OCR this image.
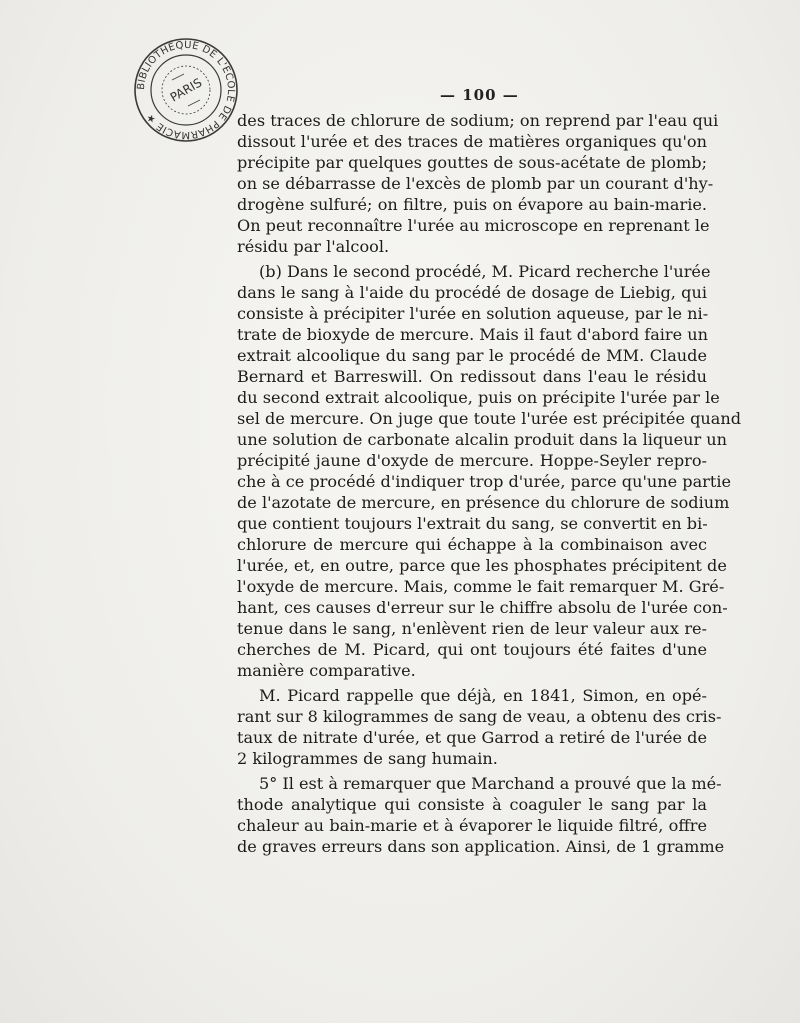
BIBLIOTHÈQUE DE L'ÉCOLE DE PHARMACIE ★
PARIS	— 100 —
des traces de chlorure de sodium; on reprend par l'eau qui
dissout l'urée et des traces de matières organiques qu'on
précipite par quelques gouttes de sous-acétate de plomb;
on se débarrasse de l'excès de plomb par un courant d'hy-
drogène sulfuré; on filtre, puis on évapore au bain-marie.
On peut reconnaître l'urée au microscope en reprenant le
résidu par l'alcool.
(b) Dans le second procédé, M. Picard recherche l'urée
dans le sang à l'aide du procédé de dosage de Liebig, qui
consiste à précipiter l'urée en solution aqueuse, par le ni-
trate de bioxyde de mercure. Mais il faut d'abord faire un
extrait alcoolique du sang par le procédé de MM. Claude
Bernard et Barreswill. On redissout dans l'eau le résidu
du second extrait alcoolique, puis on précipite l'urée par le
sel de mercure. On juge que toute l'urée est précipitée quand
une solution de carbonate alcalin produit dans la liqueur un
précipité jaune d'oxyde de mercure. Hoppe-Seyler repro-
che à ce procédé d'indiquer trop d'urée, parce qu'une partie
de l'azotate de mercure, en présence du chlorure de sodium
que contient toujours l'extrait du sang, se convertit en bi-
chlorure de mercure qui échappe à la combinaison avec
l'urée, et, en outre, parce que les phosphates précipitent de
l'oxyde de mercure. Mais, comme le fait remarquer M. Gré-
hant, ces causes d'erreur sur le chiffre absolu de l'urée con-
tenue dans le sang, n'enlèvent rien de leur valeur aux re-
cherches de M. Picard, qui ont toujours été faites d'une
manière comparative.
M. Picard rappelle que déjà, en 1841, Simon, en opé-
rant sur 8 kilogrammes de sang de veau, a obtenu des cris-
taux de nitrate d'urée, et que Garrod a retiré de l'urée de
2 kilogrammes de sang humain.
5° Il est à remarquer que Marchand a prouvé que la mé-
thode analytique qui consiste à coaguler le sang par la
chaleur au bain-marie et à évaporer le liquide filtré, offre
de graves erreurs dans son application. Ainsi, de 1 gramme
